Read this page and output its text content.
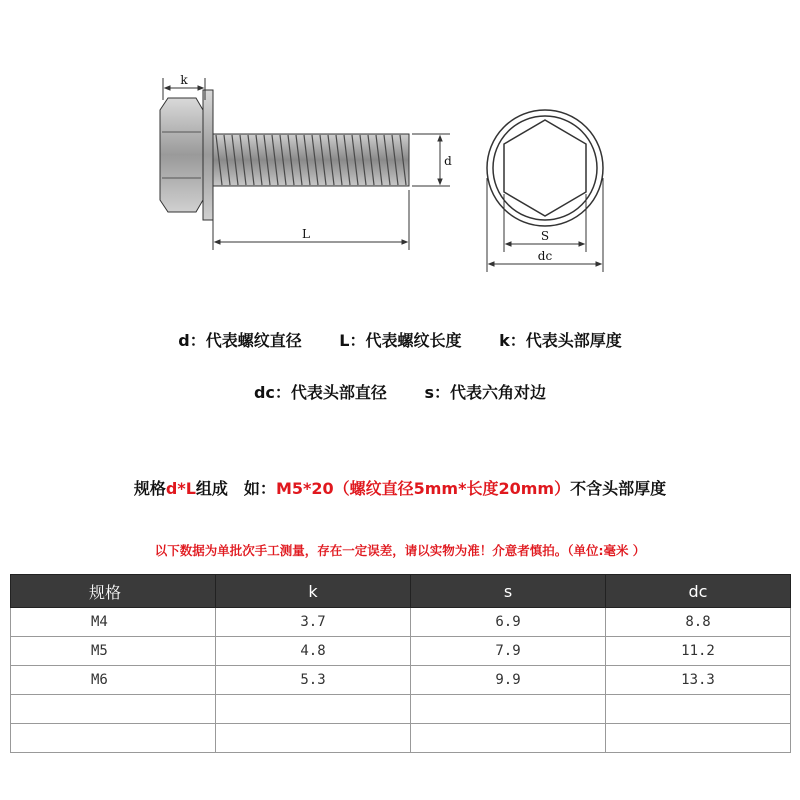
k
d
L	S
dc
d：代表螺纹直径 L：代表螺纹长度 k：代表头部厚度
dc：代表头部直径 s：代表六角对边
规格d*L组成　如：M5*20（螺纹直径5mm*长度20mm）不含头部厚度
以下数据为单批次手工测量，存在一定误差，请以实物为准！介意者慎拍。（单位:毫米 ）
规格	k	s	dc
M4	3.7	6.9	8.8
M5	4.8	7.9	11.2
M6	5.3	9.9	13.3
